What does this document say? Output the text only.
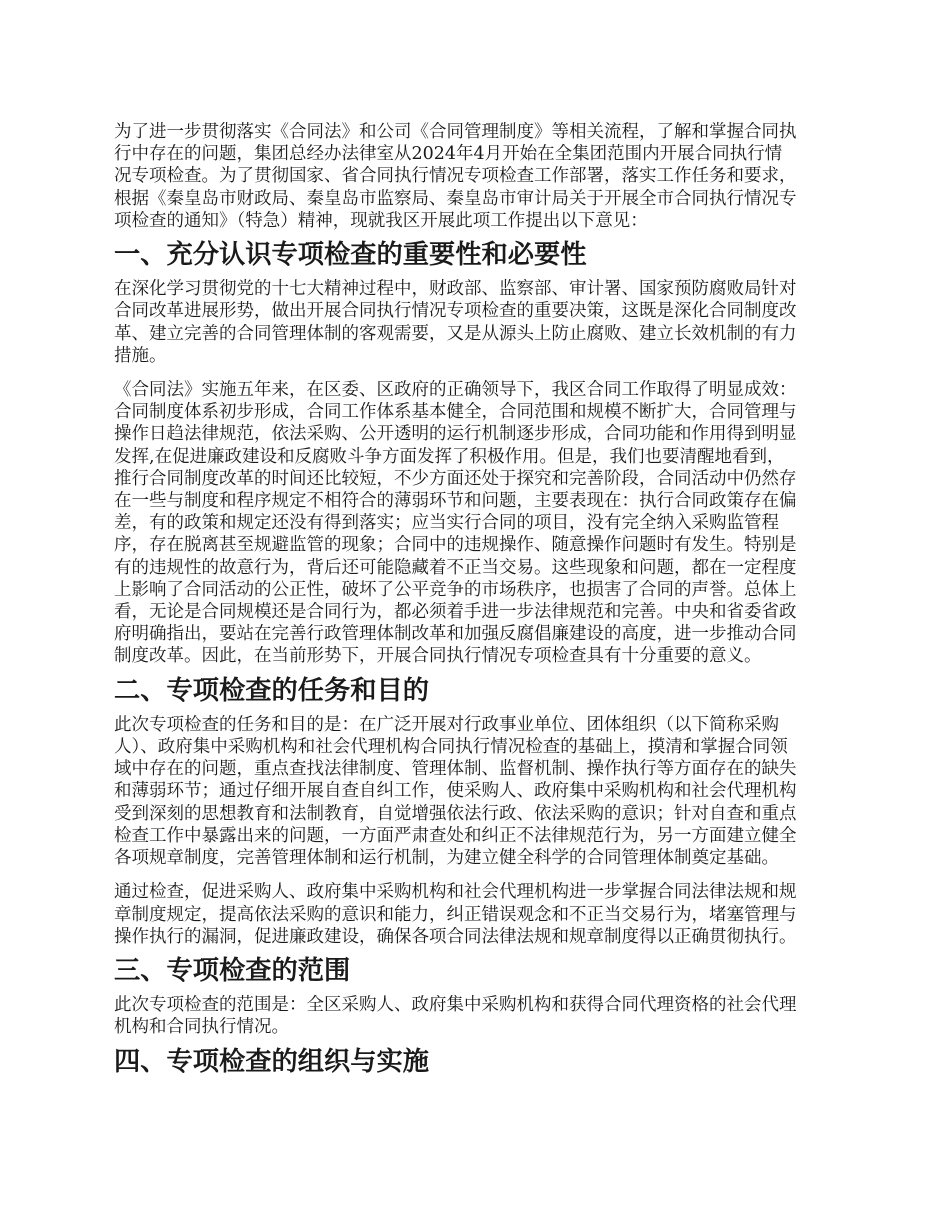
为了进一步贯彻落实《合同法》和公司《合同管理制度》等相关流程，了解和掌握合同执
行中存在的问题，集团总经办法律室从2024年4月开始在全集团范围内开展合同执行情
况专项检查。为了贯彻国家、省合同执行情况专项检查工作部署，落实工作任务和要求，
根据《秦皇岛市财政局、秦皇岛市监察局、秦皇岛市审计局关于开展全市合同执行情况专
项检查的通知》（特急）精神，现就我区开展此项工作提出以下意见：

一、充分认识专项检查的重要性和必要性

在深化学习贯彻党的十七大精神过程中，财政部、监察部、审计署、国家预防腐败局针对
合同改革进展形势，做出开展合同执行情况专项检查的重要决策，这既是深化合同制度改
革、建立完善的合同管理体制的客观需要，又是从源头上防止腐败、建立长效机制的有力
措施。

《合同法》实施五年来，在区委、区政府的正确领导下，我区合同工作取得了明显成效：
合同制度体系初步形成，合同工作体系基本健全，合同范围和规模不断扩大，合同管理与
操作日趋法律规范，依法采购、公开透明的运行机制逐步形成，合同功能和作用得到明显
发挥,在促进廉政建设和反腐败斗争方面发挥了积极作用。但是，我们也要清醒地看到，
推行合同制度改革的时间还比较短，不少方面还处于探究和完善阶段，合同活动中仍然存
在一些与制度和程序规定不相符合的薄弱环节和问题，主要表现在：执行合同政策存在偏
差，有的政策和规定还没有得到落实；应当实行合同的项目，没有完全纳入采购监管程
序，存在脱离甚至规避监管的现象；合同中的违规操作、随意操作问题时有发生。特别是
有的违规性的故意行为，背后还可能隐藏着不正当交易。这些现象和问题，都在一定程度
上影响了合同活动的公正性，破坏了公平竞争的市场秩序，也损害了合同的声誉。总体上
看，无论是合同规模还是合同行为，都必须着手进一步法律规范和完善。中央和省委省政
府明确指出，要站在完善行政管理体制改革和加强反腐倡廉建设的高度，进一步推动合同
制度改革。因此，在当前形势下，开展合同执行情况专项检查具有十分重要的意义。

二、专项检查的任务和目的

此次专项检查的任务和目的是：在广泛开展对行政事业单位、团体组织（以下简称采购
人）、政府集中采购机构和社会代理机构合同执行情况检查的基础上，摸清和掌握合同领
域中存在的问题，重点查找法律制度、管理体制、监督机制、操作执行等方面存在的缺失
和薄弱环节；通过仔细开展自查自纠工作，使采购人、政府集中采购机构和社会代理机构
受到深刻的思想教育和法制教育，自觉增强依法行政、依法采购的意识；针对自查和重点
检查工作中暴露出来的问题，一方面严肃查处和纠正不法律规范行为，另一方面建立健全
各项规章制度，完善管理体制和运行机制，为建立健全科学的合同管理体制奠定基础。

通过检查，促进采购人、政府集中采购机构和社会代理机构进一步掌握合同法律法规和规
章制度规定，提高依法采购的意识和能力，纠正错误观念和不正当交易行为，堵塞管理与
操作执行的漏洞，促进廉政建设，确保各项合同法律法规和规章制度得以正确贯彻执行。

三、专项检查的范围

此次专项检查的范围是：全区采购人、政府集中采购机构和获得合同代理资格的社会代理
机构和合同执行情况。

四、专项检查的组织与实施
